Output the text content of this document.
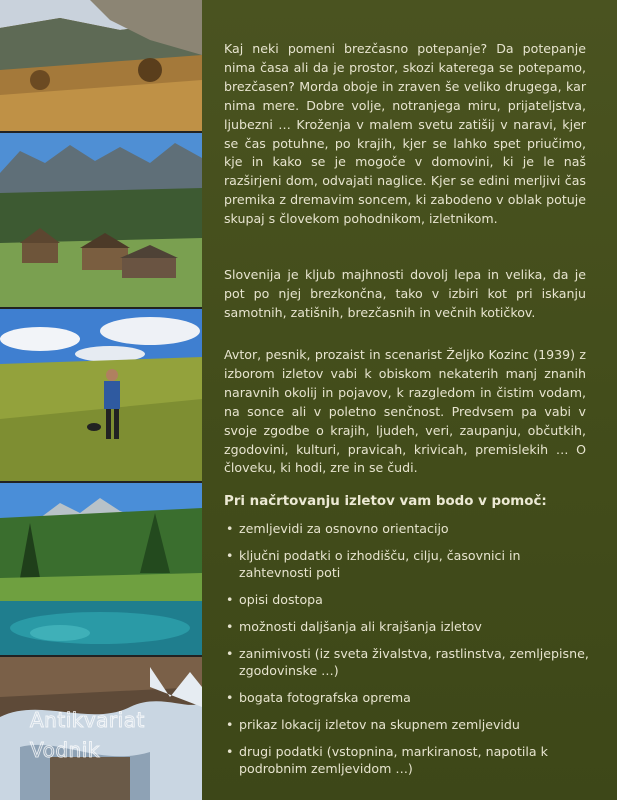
Antikvariat
Vodnik

Kaj neki pomeni brezčasno potepanje? Da potepanje nima časa ali da je prostor, skozi katerega se potepamo, brezčasen? Morda oboje in zraven še veliko drugega, kar nima mere. Dobre volje, notranjega miru, prijateljstva, ljubezni … Kroženja v malem svetu zatišij v naravi, kjer se čas potuhne, po krajih, kjer se lahko spet priučimo, kje in kako se je mogoče v domovini, ki je le naš razširjeni dom, odvajati naglice. Kjer se edini merljivi čas premika z dremavim soncem, ki zabodeno v oblak potuje skupaj s človekom pohodnikom, izletnikom.

Slovenija je kljub majhnosti dovolj lepa in velika, da je pot po njej brezkončna, tako v izbiri kot pri iskanju samotnih, zatišnih, brezčasnih in večnih kotičkov.

Avtor, pesnik, prozaist in scenarist Željko Kozinc (1939) z izborom izletov vabi k obiskom nekaterih manj znanih naravnih okolij in pojavov, k razgledom in čistim vodam, na sonce ali v poletno senčnost. Predvsem pa vabi v svoje zgodbe o krajih, ljudeh, veri, zaupanju, občutkih, zgodovini, kulturi, pravicah, krivicah, premislekih … O človeku, ki hodi, zre in se čudi.

Pri načrtovanju izletov vam bodo v pomoč:
• zemljevidi za osnovno orientacijo
• ključni podatki o izhodišču, cilju, časovnici in zahtevnosti poti
• opisi dostopa
• možnosti daljšanja ali krajšanja izletov
• zanimivosti (iz sveta živalstva, rastlinstva, zemljepisne, zgodovinske …)
• bogata fotografska oprema
• prikaz lokacij izletov na skupnem zemljevidu
• drugi podatki (vstopnina, markiranost, napotila k podrobnim zemljevidom …)
